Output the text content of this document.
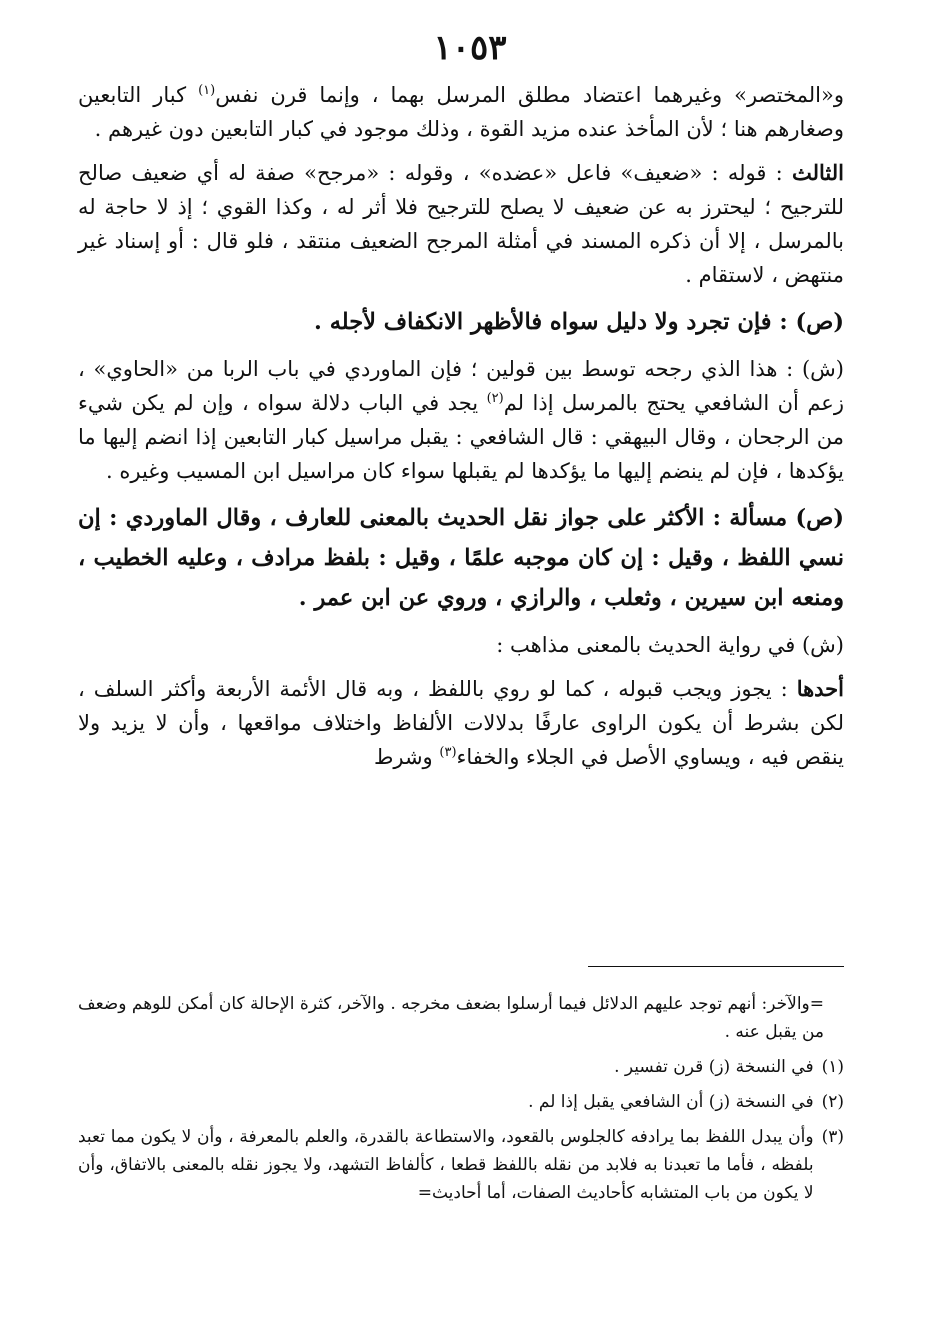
١٠٥٣

و«المختصر» وغيرهما اعتضاد مطلق المرسل بهما ، وإنما قرن نفس$^{(١)}$ كبار التابعين وصغارهم هنا ؛ لأن المأخذ عنده مزيد القوة ، وذلك موجود في كبار التابعين دون غيرهم .

الثالث : قوله : «ضعيف» فاعل «عضده» ، وقوله : «مرجح» صفة له أي ضعيف صالح للترجيح ؛ ليحترز به عن ضعيف لا يصلح للترجيح فلا أثر له ، وكذا القوي ؛ إذ لا حاجة له بالمرسل ، إلا أن ذكره المسند في أمثلة المرجح الضعيف منتقد ، فلو قال : أو إسناد غير منتهض ، لاستقام .

(ص) : فإن تجرد ولا دليل سواه فالأظهر الانكفاف لأجله .

(ش) : هذا الذي رجحه توسط بين قولين ؛ فإن الماوردي في باب الربا من «الحاوي» ، زعم أن الشافعي يحتج بالمرسل إذا لم$^{(٢)}$ يجد في الباب دلالة سواه ، وإن لم يكن شيء من الرجحان ، وقال البيهقي : قال الشافعي : يقبل مراسيل كبار التابعين إذا انضم إليها ما يؤكدها ، فإن لم ينضم إليها ما يؤكدها لم يقبلها سواء كان مراسيل ابن المسيب وغيره .

(ص) مسألة : الأكثر على جواز نقل الحديث بالمعنى للعارف ، وقال الماوردي : إن نسي اللفظ ، وقيل : إن كان موجبه علمًا ، وقيل : بلفظ مرادف ، وعليه الخطيب ، ومنعه ابن سيرين ، وثعلب ، والرازي ، وروي عن ابن عمر .

(ش) في رواية الحديث بالمعنى مذاهب :

أحدها : يجوز ويجب قبوله ، كما لو روي باللفظ ، وبه قال الأئمة الأربعة وأكثر السلف ، لكن بشرط أن يكون الراوى عارفًا بدلالات الألفاظ واختلاف مواقعها ، وأن لا يزيد ولا ينقص فيه ، ويساوي الأصل في الجلاء والخفاء$^{(٣)}$ وشرط

=والآخر: أنهم توجد عليهم الدلائل فيما أرسلوا بضعف مخرجه . والآخر، كثرة الإحالة كان أمكن للوهم وضعف من يقبل عنه .

(١)
في النسخة (ز) قرن تفسير .
(٢)
في النسخة (ز) أن الشافعي يقبل إذا لم .
(٣)
وأن يبدل اللفظ بما يرادفه كالجلوس بالقعود، والاستطاعة بالقدرة، والعلم بالمعرفة ، وأن لا يكون مما تعبد بلفظه ، فأما ما تعبدنا به فلابد من نقله باللفظ قطعا ، كألفاظ التشهد، ولا يجوز نقله بالمعنى بالاتفاق، وأن لا يكون من باب المتشابه كأحاديث الصفات، أما أحاديث=
